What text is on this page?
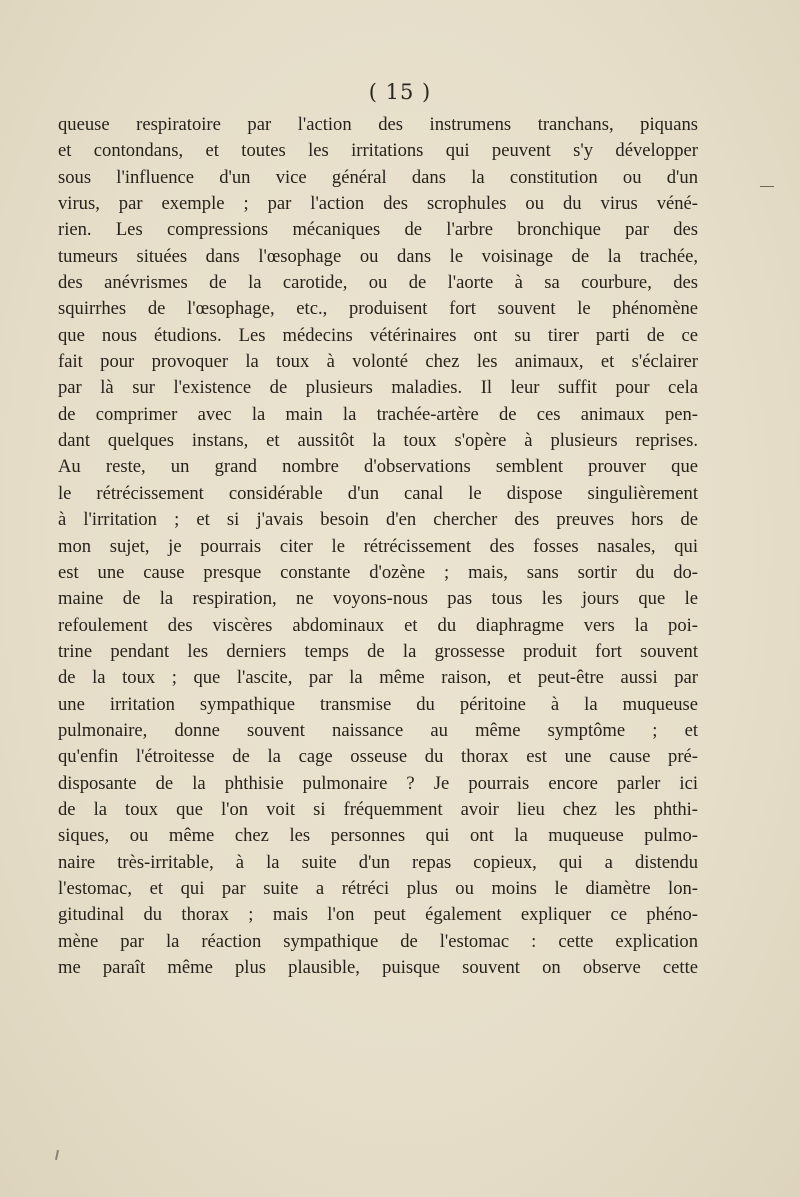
( 15 )
queuse respiratoire par l'action des instrumens tranchans, piquans
et contondans, et toutes les irritations qui peuvent s'y développer
sous l'influence d'un vice général dans la constitution ou d'un
virus, par exemple ; par l'action des scrophules ou du virus véné-
rien. Les compressions mécaniques de l'arbre bronchique par des
tumeurs situées dans l'œsophage ou dans le voisinage de la trachée,
des anévrismes de la carotide, ou de l'aorte à sa courbure, des
squirrhes de l'œsophage, etc., produisent fort souvent le phénomène
que nous étudions. Les médecins vétérinaires ont su tirer parti de ce
fait pour provoquer la toux à volonté chez les animaux, et s'éclairer
par là sur l'existence de plusieurs maladies. Il leur suffit pour cela
de comprimer avec la main la trachée-artère de ces animaux pen-
dant quelques instans, et aussitôt la toux s'opère à plusieurs reprises.
Au reste, un grand nombre d'observations semblent prouver que
le rétrécissement considérable d'un canal le dispose singulièrement
à l'irritation ; et si j'avais besoin d'en chercher des preuves hors de
mon sujet, je pourrais citer le rétrécissement des fosses nasales, qui
est une cause presque constante d'ozène ; mais, sans sortir du do-
maine de la respiration, ne voyons-nous pas tous les jours que le
refoulement des viscères abdominaux et du diaphragme vers la poi-
trine pendant les derniers temps de la grossesse produit fort souvent
de la toux ; que l'ascite, par la même raison, et peut-être aussi par
une irritation sympathique transmise du péritoine à la muqueuse
pulmonaire, donne souvent naissance au même symptôme ; et
qu'enfin l'étroitesse de la cage osseuse du thorax est une cause pré-
disposante de la phthisie pulmonaire ? Je pourrais encore parler ici
de la toux que l'on voit si fréquemment avoir lieu chez les phthi-
siques, ou même chez les personnes qui ont la muqueuse pulmo-
naire très-irritable, à la suite d'un repas copieux, qui a distendu
l'estomac, et qui par suite a rétréci plus ou moins le diamètre lon-
gitudinal du thorax ; mais l'on peut également expliquer ce phéno-
mène par la réaction sympathique de l'estomac : cette explication
me paraît même plus plausible, puisque souvent on observe cette
